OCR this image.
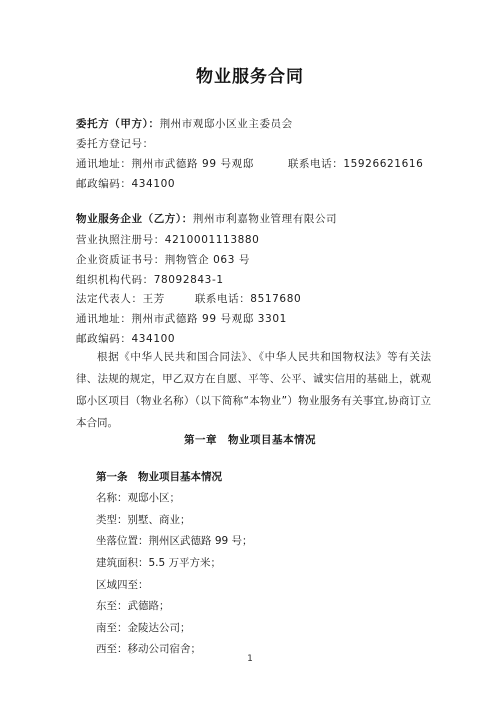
物业服务合同
委托方（甲方）：荆州市观邸小区业主委员会
委托方登记号：
通讯地址：荆州市武德路 99 号观邸	联系电话：15926621616
邮政编码：434100
物业服务企业（乙方）：荆州市利嘉物业管理有限公司
营业执照注册号：4210001113880
企业资质证书号：荆物管企 063 号
组织机构代码：78092843-1
法定代表人：王芳	联系电话：8517680
通讯地址：荆州市武德路 99 号观邸 3301
邮政编码：434100
根据《中华人民共和国合同法》、《中华人民共和国物权法》等有关法律、法规的规定，甲乙双方在自愿、平等、公平、诚实信用的基础上，就观邸小区项目（物业名称）（以下简称“本物业”）物业服务有关事宜,协商订立本合同。
第一章　物业项目基本情况
第一条　物业项目基本情况
名称：观邸小区；
类型：别墅、商业；
坐落位置：荆州区武德路 99 号；
建筑面积：5.5 万平方米；
区域四至：
东至：武德路；
南至：金陵达公司；
西至：移动公司宿舍；
1
